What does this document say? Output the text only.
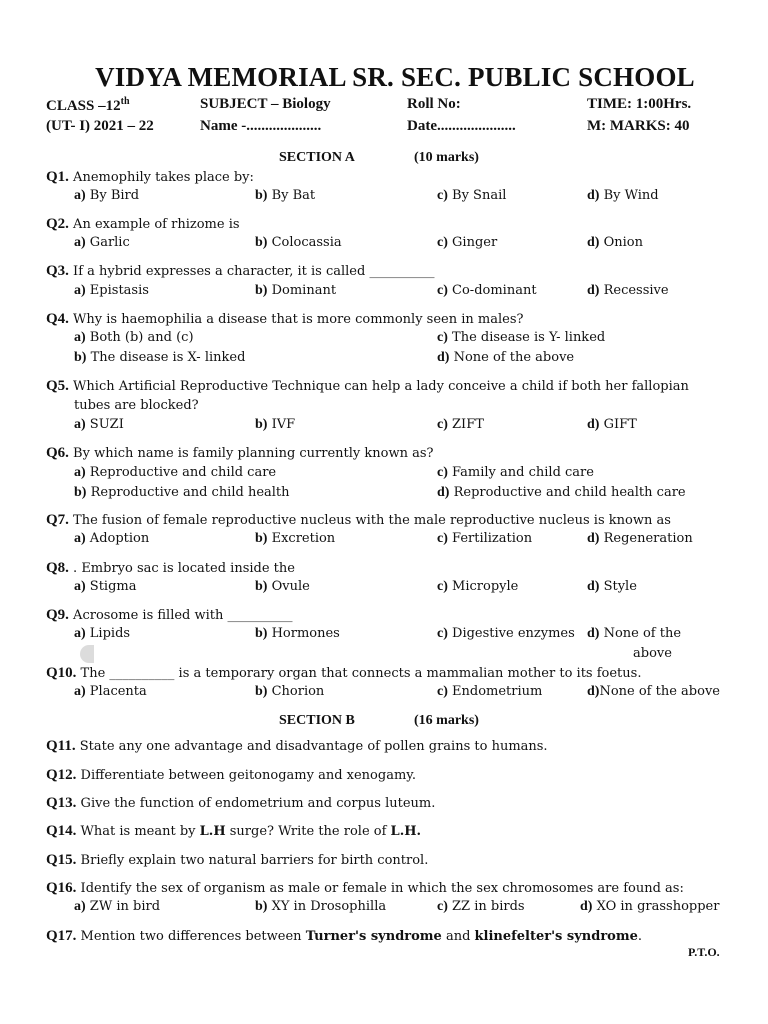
VIDYA MEMORIAL SR. SEC. PUBLIC SCHOOL
CLASS –12th	SUBJECT – Biology	Roll No:	TIME: 1:00Hrs.
(UT- I) 2021 – 22	Name -....................	Date.....................	M: MARKS: 40
SECTION A	(10 marks)
Q1. Anemophily takes place by:
a) By Bird	b) By Bat	c) By Snail	d) By Wind
Q2. An example of rhizome is
a) Garlic	b) Colocassia	c) Ginger	d) Onion
Q3. If a hybrid expresses a character, it is called __________
a) Epistasis	b) Dominant	c) Co-dominant	d) Recessive
Q4. Why is haemophilia a disease that is more commonly seen in males?
a) Both (b) and (c)	c) The disease is Y- linked
b) The disease is X- linked	d) None of the above
Q5. Which Artificial Reproductive Technique can help a lady conceive a child if both her fallopian
tubes are blocked?
a) SUZI	b) IVF	c) ZIFT	d) GIFT
Q6. By which name is family planning currently known as?
a) Reproductive and child care	c) Family and child care
b) Reproductive and child health	d) Reproductive and child health care
Q7. The fusion of female reproductive nucleus with the male reproductive nucleus is known as
a) Adoption	b) Excretion	c) Fertilization	d) Regeneration
Q8. . Embryo sac is located inside the
a) Stigma	b) Ovule	c) Micropyle	d) Style
Q9. Acrosome is filled with __________
a) Lipids	b) Hormones	c) Digestive enzymes d) None of the
above
Q10. The __________ is a temporary organ that connects a mammalian mother to its foetus.
a) Placenta	b) Chorion	c) Endometrium	d)None of the above
SECTION B	(16 marks)
Q11. State any one advantage and disadvantage of pollen grains to humans.
Q12. Differentiate between geitonogamy and xenogamy.
Q13. Give the function of endometrium and corpus luteum.
Q14. What is meant by L.H surge? Write the role of L.H.
Q15. Briefly explain two natural barriers for birth control.
Q16. Identify the sex of organism as male or female in which the sex chromosomes are found as:
a) ZW in bird	b) XY in Drosophilla	c) ZZ in birds	d) XO in grasshopper
Q17. Mention two differences between Turner's syndrome and klinefelter's syndrome.
P.T.O.
